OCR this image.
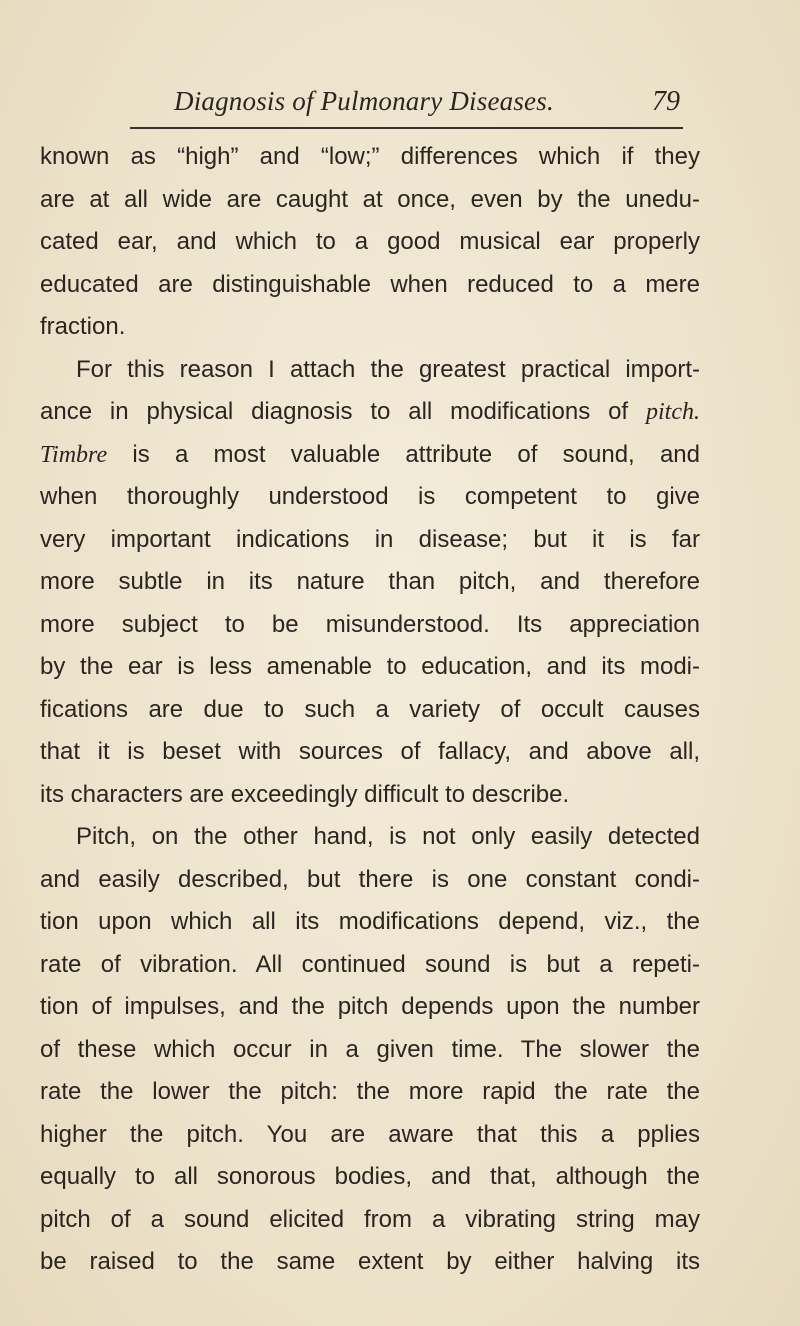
Diagnosis of Pulmonary Diseases.	79
known as “high” and “low;” differences which if they
are at all wide are caught at once, even by the unedu-
cated ear, and which to a good musical ear properly
educated are distinguishable when reduced to a mere
fraction.
For this reason I attach the greatest practical import-
ance in physical diagnosis to all modifications of pitch.
Timbre is a most valuable attribute of sound, and
when thoroughly understood is competent to give
very important indications in disease; but it is far
more subtle in its nature than pitch, and therefore
more subject to be misunderstood. Its appreciation
by the ear is less amenable to education, and its modi-
fications are due to such a variety of occult causes
that it is beset with sources of fallacy, and above all,
its characters are exceedingly difficult to describe.
Pitch, on the other hand, is not only easily detected
and easily described, but there is one constant condi-
tion upon which all its modifications depend, viz., the
rate of vibration. All continued sound is but a repeti-
tion of impulses, and the pitch depends upon the number
of these which occur in a given time. The slower the
rate the lower the pitch: the more rapid the rate the
higher the pitch. You are aware that this a pplies
equally to all sonorous bodies, and that, although the
pitch of a sound elicited from a vibrating string may
be raised to the same extent by either halving its
